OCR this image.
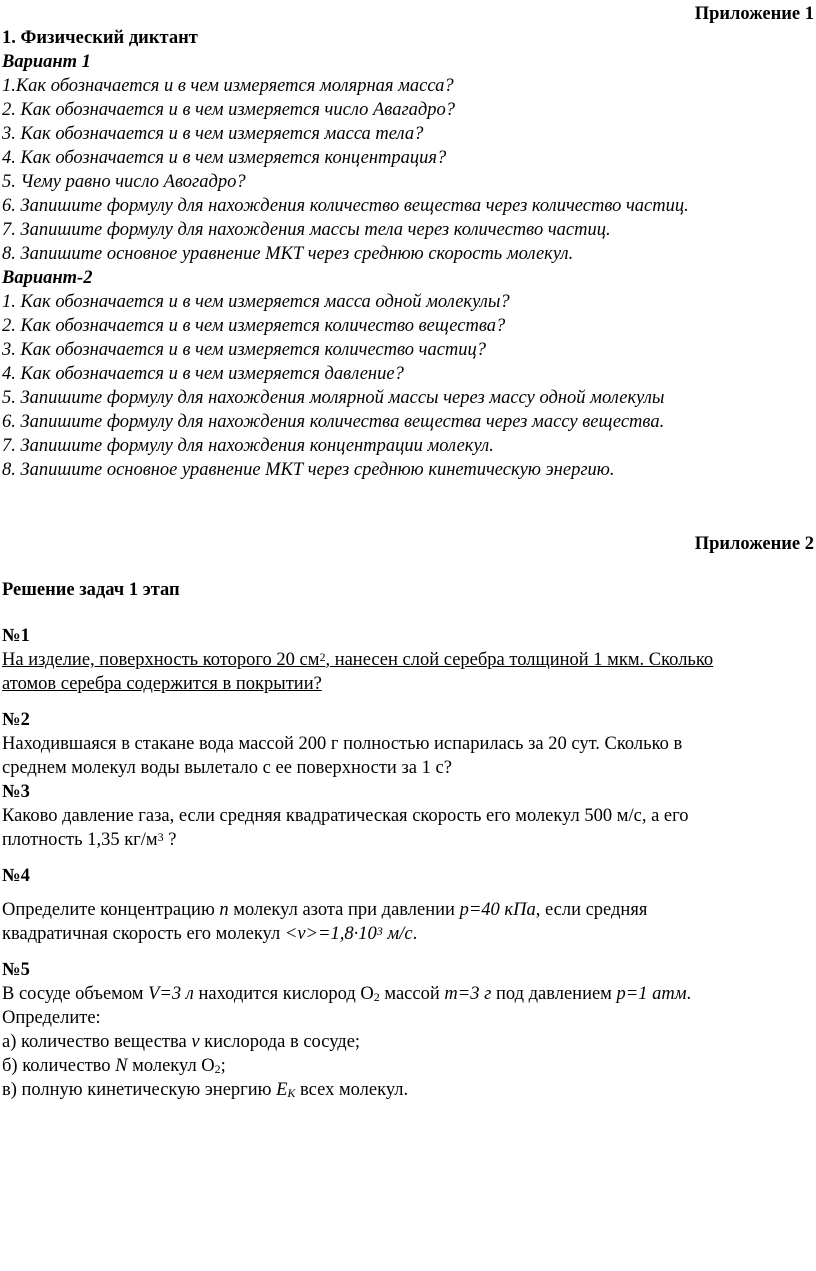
Приложение 1
1. Физический диктант
Вариант 1
1.Как обозначается и в чем измеряется молярная масса?
2. Как обозначается и в чем измеряется число Авагадро?
3. Как обозначается и в чем измеряется масса тела?
4. Как обозначается и в чем измеряется концентрация?
5. Чему равно число Авогадро?
6. Запишите формулу для нахождения количество вещества через количество частиц.
7. Запишите формулу для нахождения массы тела через количество частиц.
8. Запишите основное уравнение МКТ через среднюю скорость молекул.
Вариант-2
1. Как обозначается и в чем измеряется масса одной молекулы?
2. Как обозначается и в чем измеряется количество вещества?
3. Как обозначается и в чем измеряется количество частиц?
4. Как обозначается и в чем измеряется давление?
5. Запишите формулу для нахождения молярной массы через массу одной молекулы
6. Запишите формулу для нахождения количества вещества через массу вещества.
7. Запишите формулу для нахождения концентрации молекул.
8. Запишите основное уравнение МКТ через среднюю кинетическую энергию.
Приложение 2
Решение задач 1 этап
№1
На изделие, поверхность которого 20 $см^2$, нанесен слой серебра толщиной 1 мкм. Сколько
атомов серебра содержится в покрытии?
№2
Находившаяся в стакане вода массой 200 г полностью испарилась за 20 сут. Сколько в
среднем молекул воды вылетало с ее поверхности за 1 с?
№3
Каково давление газа, если средняя квадратическая скорость его молекул 500 м/с, а его
плотность 1,35 $кг/м^3$ ?
№4
Определите концентрацию n молекул азота при давлении p=40 кПа, если средняя
квадратичная скорость его молекул $<v>=1,8\cdot 10^3$ м/с.
№5
В сосуде объемом V=3 л находится кислород $O_2$ массой m=3 г под давлением p=1 атм.
Определите:
а) количество вещества ν кислорода в сосуде;
б) количество N молекул $O_2$;
в) полную кинетическую энергию $E_K$ всех молекул.
